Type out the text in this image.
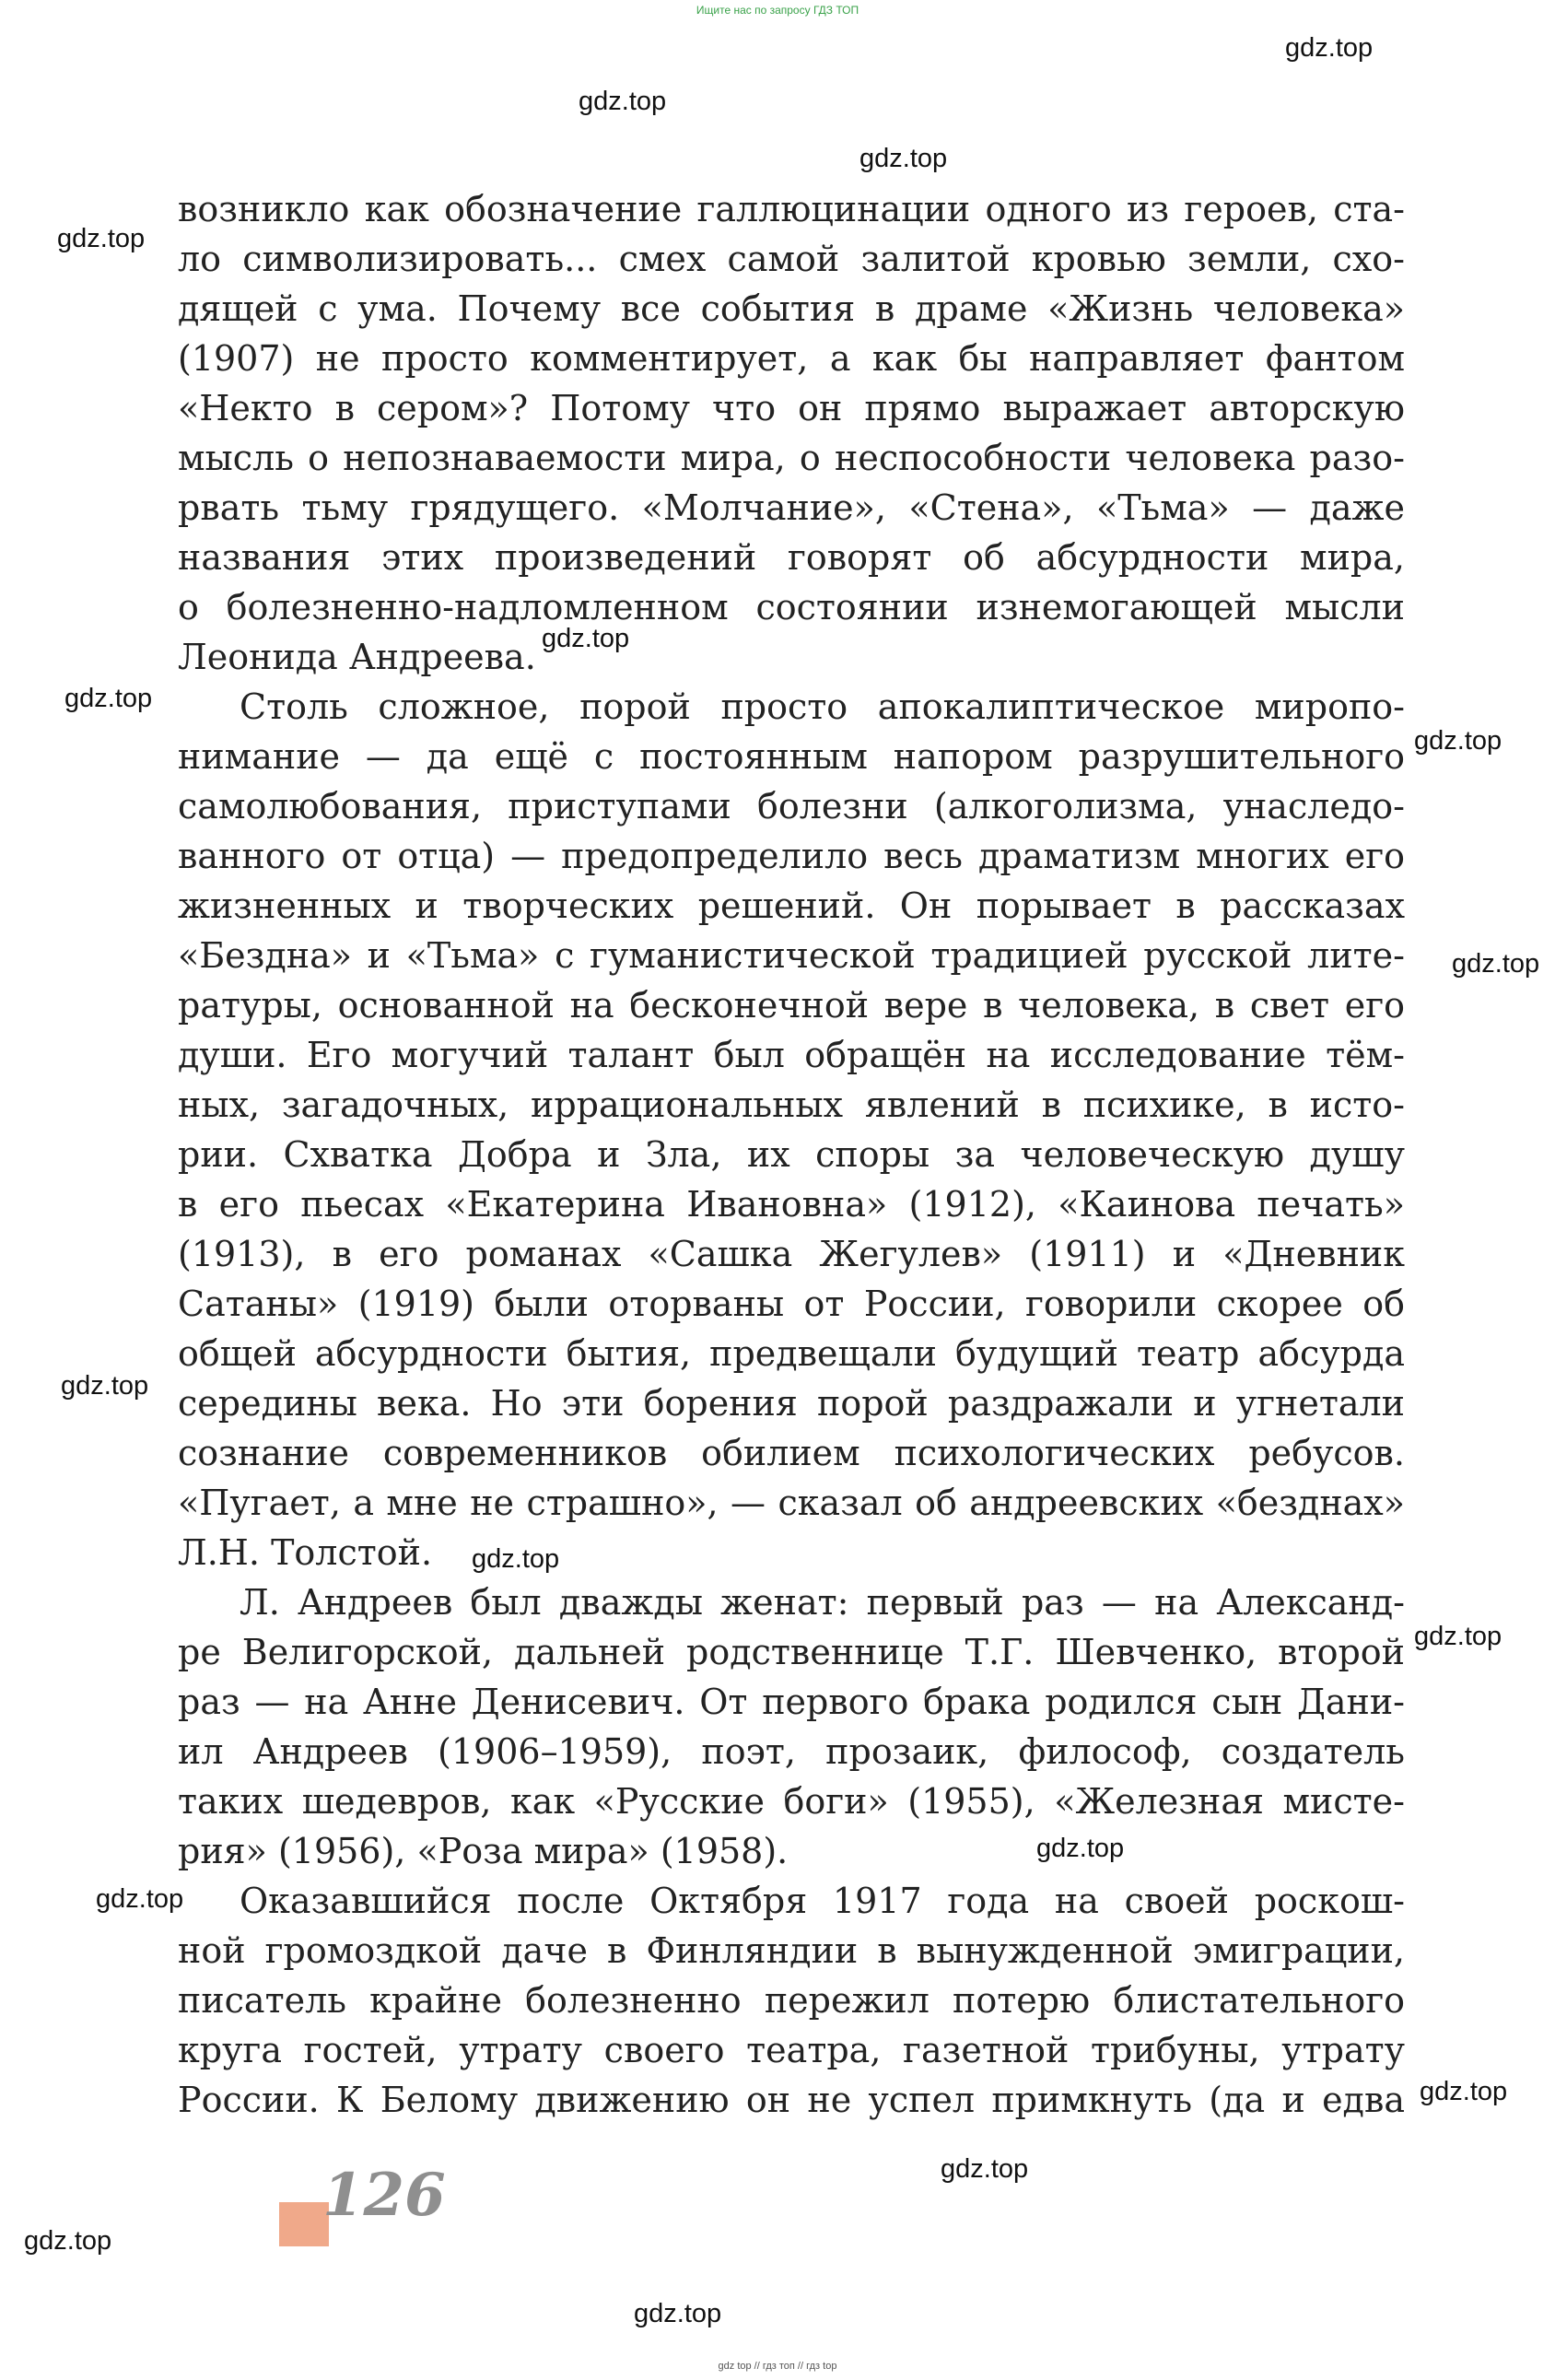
Ищите нас по запросу ГДЗ ТОП
gdz.top
gdz.top
gdz.top
gdz.top
gdz.top
gdz.top
gdz.top
gdz.top
gdz.top
gdz.top
gdz.top
gdz.top
gdz.top
gdz.top
gdz.top
gdz.top
gdz.top
возникло как обозначение галлюцинации одного из героев, ста-
ло символизировать... смех самой залитой кровью земли, схо-
дящей с ума. Почему все события в драме «Жизнь человека»
(1907) не просто комментирует, а как бы направляет фантом
«Некто в сером»? Потому что он прямо выражает авторскую
мысль о непознаваемости мира, о неспособности человека разо-
рвать тьму грядущего. «Молчание», «Стена», «Тьма» — даже
названия этих произведений говорят об абсурдности мира,
о болезненно-надломленном состоянии изнемогающей мысли
Леонида Андреева.
Столь сложное, порой просто апокалиптическое миропо-
нимание — да ещё с постоянным напором разрушительного
самолюбования, приступами болезни (алкоголизма, унаследо-
ванного от отца) — предопределило весь драматизм многих его
жизненных и творческих решений. Он порывает в рассказах
«Бездна» и «Тьма» с гуманистической традицией русской лите-
ратуры, основанной на бесконечной вере в человека, в свет его
души. Его могучий талант был обращён на исследование тём-
ных, загадочных, иррациональных явлений в психике, в исто-
рии. Схватка Добра и Зла, их споры за человеческую душу
в его пьесах «Екатерина Ивановна» (1912), «Каинова печать»
(1913), в его романах «Сашка Жегулев» (1911) и «Дневник
Сатаны» (1919) были оторваны от России, говорили скорее об
общей абсурдности бытия, предвещали будущий театр абсурда
середины века. Но эти борения порой раздражали и угнетали
сознание современников обилием психологических ребусов.
«Пугает, а мне не страшно», — сказал об андреевских «безднах»
Л.Н. Толстой.
Л. Андреев был дважды женат: первый раз — на Александ-
ре Велигорской, дальней родственнице Т.Г. Шевченко, второй
раз — на Анне Денисевич. От первого брака родился сын Дани-
ил Андреев (1906–1959), поэт, прозаик, философ, создатель
таких шедевров, как «Русские боги» (1955), «Железная мисте-
рия» (1956), «Роза мира» (1958).
Оказавшийся после Октября 1917 года на своей роскош-
ной громоздкой даче в Финляндии в вынужденной эмиграции,
писатель крайне болезненно пережил потерю блистательного
круга гостей, утрату своего театра, газетной трибуны, утрату
России. К Белому движению он не успел примкнуть (да и едва
126
gdz top // гдз топ // гдз top
